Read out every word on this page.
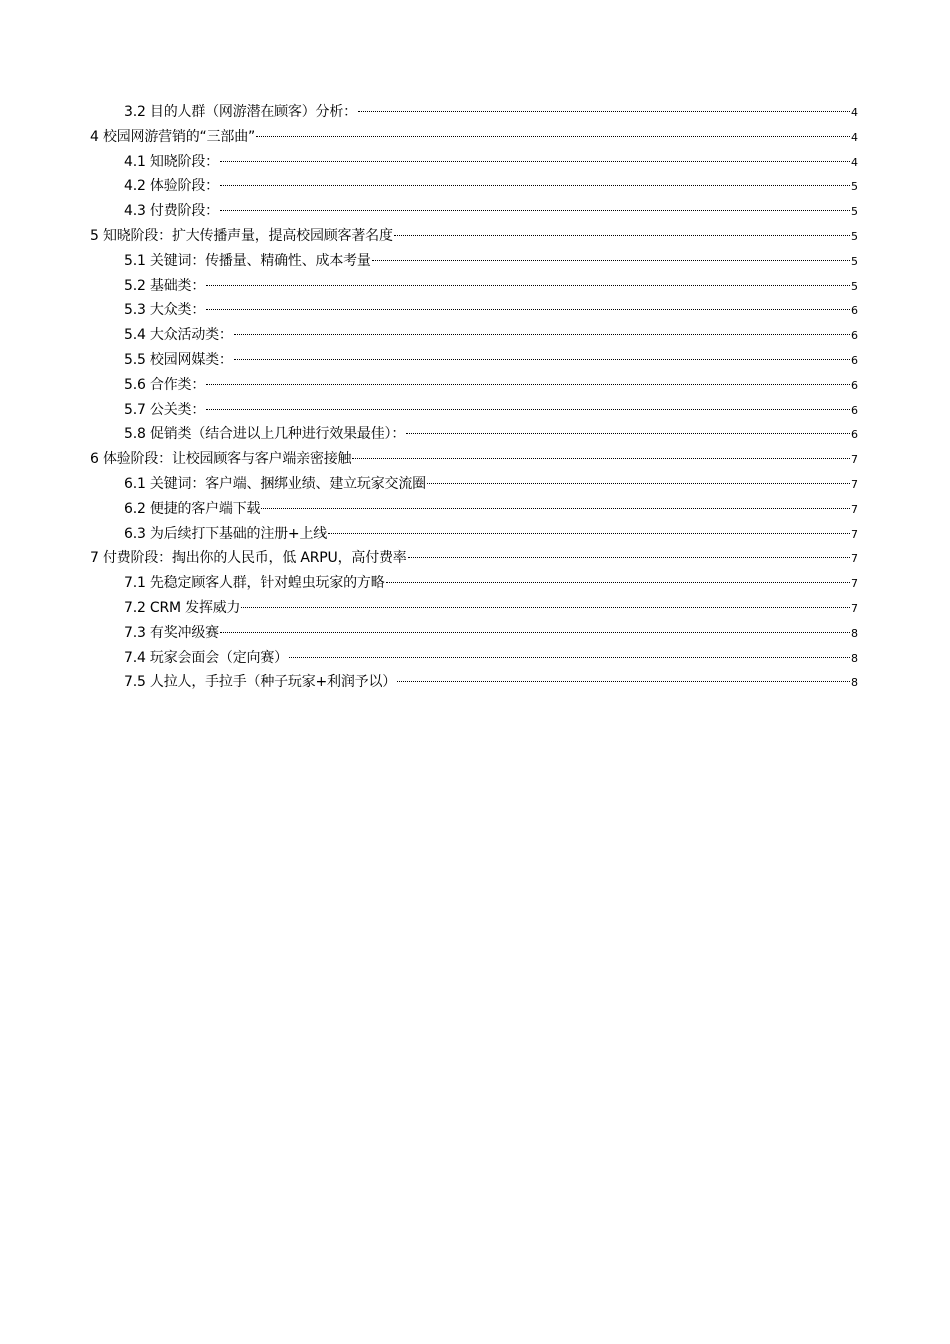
3.2 目的人群（网游潜在顾客）分析：	4
4 校园网游营销的“三部曲”	4
4.1 知晓阶段：	4
4.2 体验阶段：	5
4.3 付费阶段：	5
5 知晓阶段：扩大传播声量，提高校园顾客著名度	5
5.1 关键词：传播量、精确性、成本考量	5
5.2 基础类：	5
5.3 大众类：	6
5.4 大众活动类：	6
5.5 校园网媒类：	6
5.6 合作类：	6
5.7 公关类：	6
5.8 促销类（结合进以上几种进行效果最佳）：	6
6 体验阶段：让校园顾客与客户端亲密接触	7
6.1 关键词：客户端、捆绑业绩、建立玩家交流圈	7
6.2 便捷的客户端下载	7
6.3 为后续打下基础的注册+上线	7
7 付费阶段：掏出你的人民币，低 ARPU，高付费率	7
7.1 先稳定顾客人群，针对蝗虫玩家的方略	7
7.2 CRM 发挥威力	7
7.3 有奖冲级赛	8
7.4 玩家会面会（定向赛）	8
7.5 人拉人，手拉手（种子玩家+利润予以）	8
